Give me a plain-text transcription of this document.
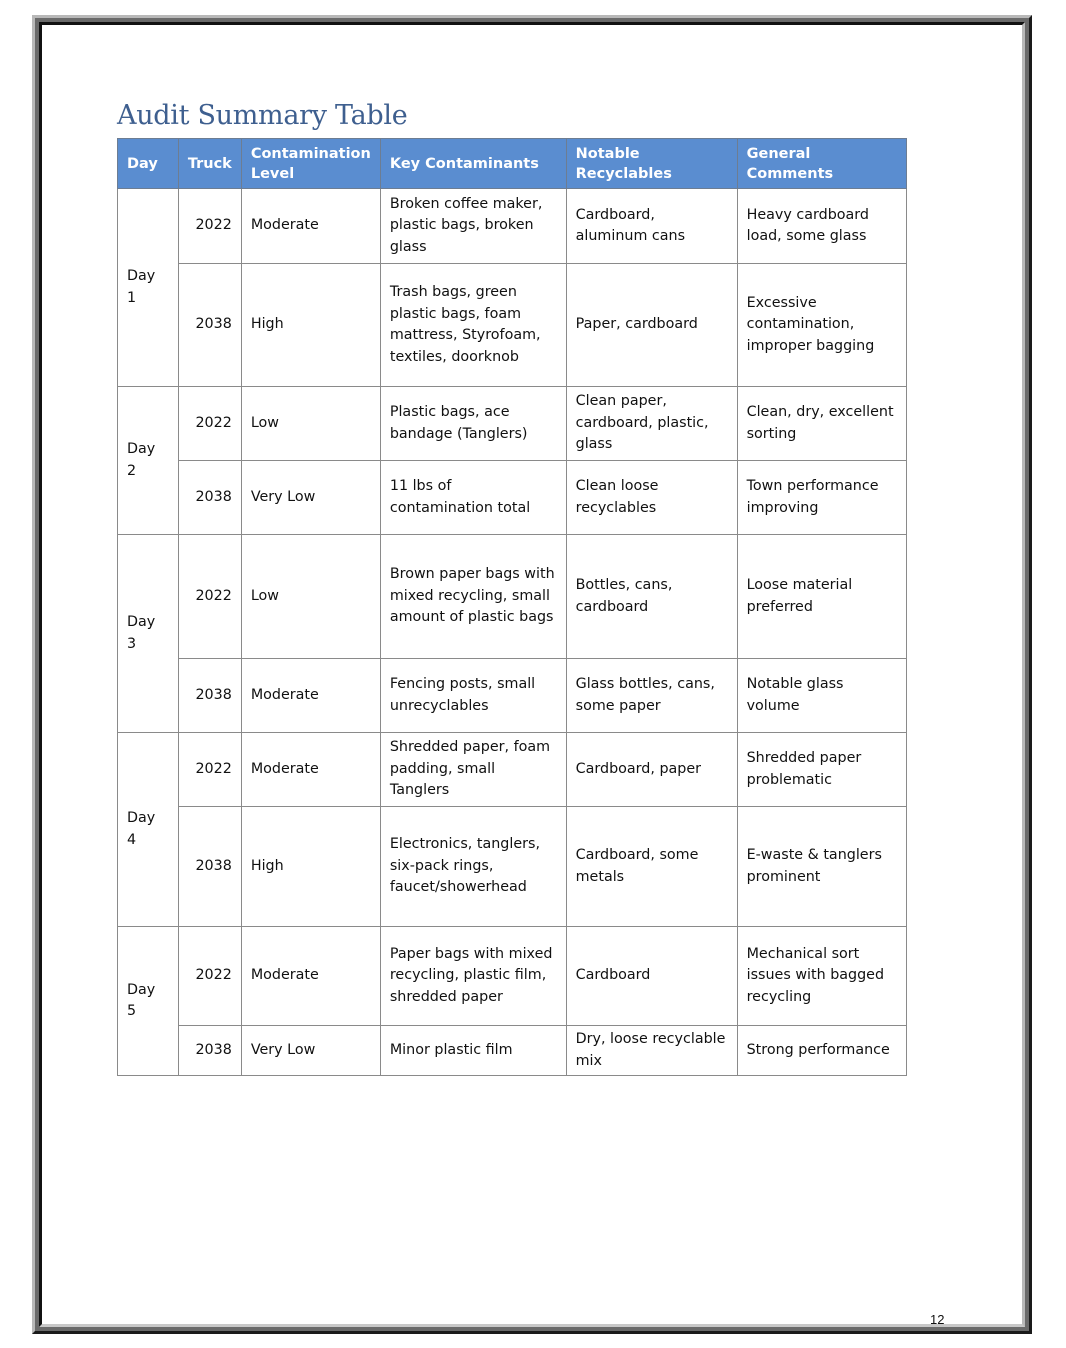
Audit Summary Table
Day	Truck	Contamination Level	Key Contaminants	Notable Recyclables	General Comments
Day 1	2022	Moderate	Broken coffee maker, plastic bags, broken glass	Cardboard, aluminum cans	Heavy cardboard load, some glass
	2038	High	Trash bags, green plastic bags, foam mattress, Styrofoam, textiles, doorknob	Paper, cardboard	Excessive contamination, improper bagging
Day 2	2022	Low	Plastic bags, ace bandage (Tanglers)	Clean paper, cardboard, plastic, glass	Clean, dry, excellent sorting
	2038	Very Low	11 lbs of contamination total	Clean loose recyclables	Town performance improving
Day 3	2022	Low	Brown paper bags with mixed recycling, small amount of plastic bags	Bottles, cans, cardboard	Loose material preferred
	2038	Moderate	Fencing posts, small unrecyclables	Glass bottles, cans, some paper	Notable glass volume
Day 4	2022	Moderate	Shredded paper, foam padding, small Tanglers	Cardboard, paper	Shredded paper problematic
	2038	High	Electronics, tanglers, six-pack rings, faucet/showerhead	Cardboard, some metals	E-waste & tanglers prominent
Day 5	2022	Moderate	Paper bags with mixed recycling, plastic film, shredded paper	Cardboard	Mechanical sort issues with bagged recycling
	2038	Very Low	Minor plastic film	Dry, loose recyclable mix	Strong performance
12
